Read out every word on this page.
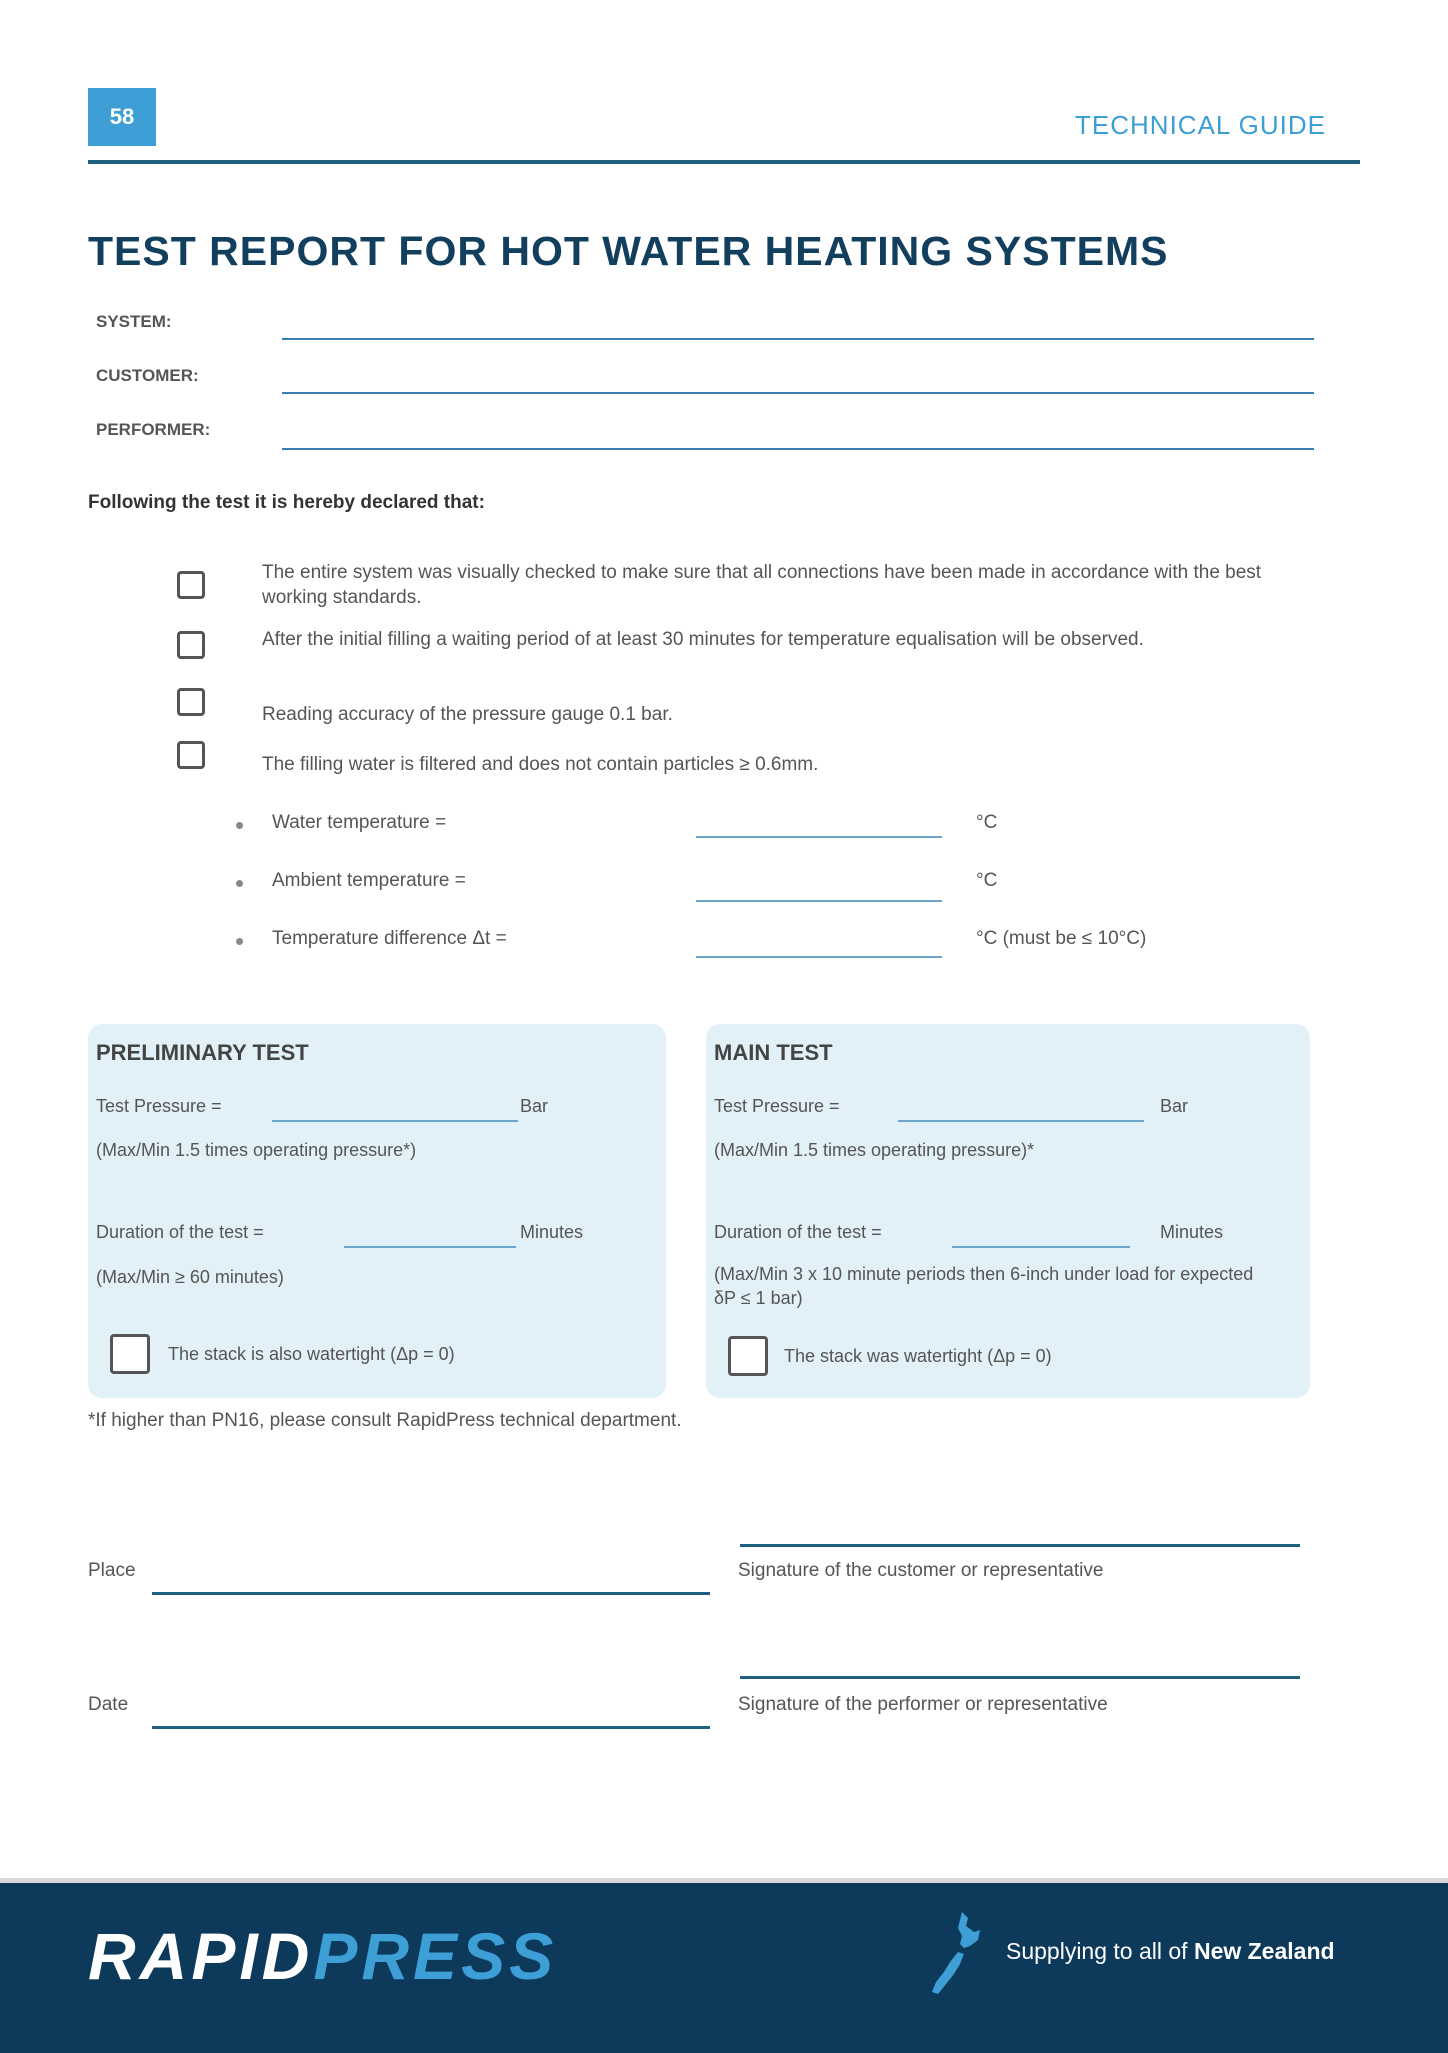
58	TECHNICAL GUIDE
TEST REPORT FOR HOT WATER HEATING SYSTEMS
SYSTEM:
CUSTOMER:
PERFORMER:
Following the test it is hereby declared that:
The entire system was visually checked to make sure that all connections have been made in accordance with the best working standards.
After the initial filling a waiting period of at least 30 minutes for temperature equalisation will be observed.
Reading accuracy of the pressure gauge 0.1 bar.
The filling water is filtered and does not contain particles ≥ 0.6mm.
Water temperature =	°C
Ambient temperature =	°C
Temperature difference Δt =	°C (must be ≤ 10°C)
PRELIMINARY TEST
Test Pressure =	Bar
(Max/Min 1.5 times operating pressure*)
Duration of the test =	Minutes
(Max/Min ≥ 60 minutes)
The stack is also watertight (Δp = 0)
MAIN TEST
Test Pressure =	Bar
(Max/Min 1.5 times operating pressure)*
Duration of the test =	Minutes
(Max/Min 3 x 10 minute periods then 6-inch under load for expected δP ≤ 1 bar)
The stack was watertight (Δp = 0)
*If higher than PN16, please consult RapidPress technical department.
Place	Signature of the customer or representative
Date	Signature of the performer or representative
RAPIDPRESS	Supplying to all of New Zealand
